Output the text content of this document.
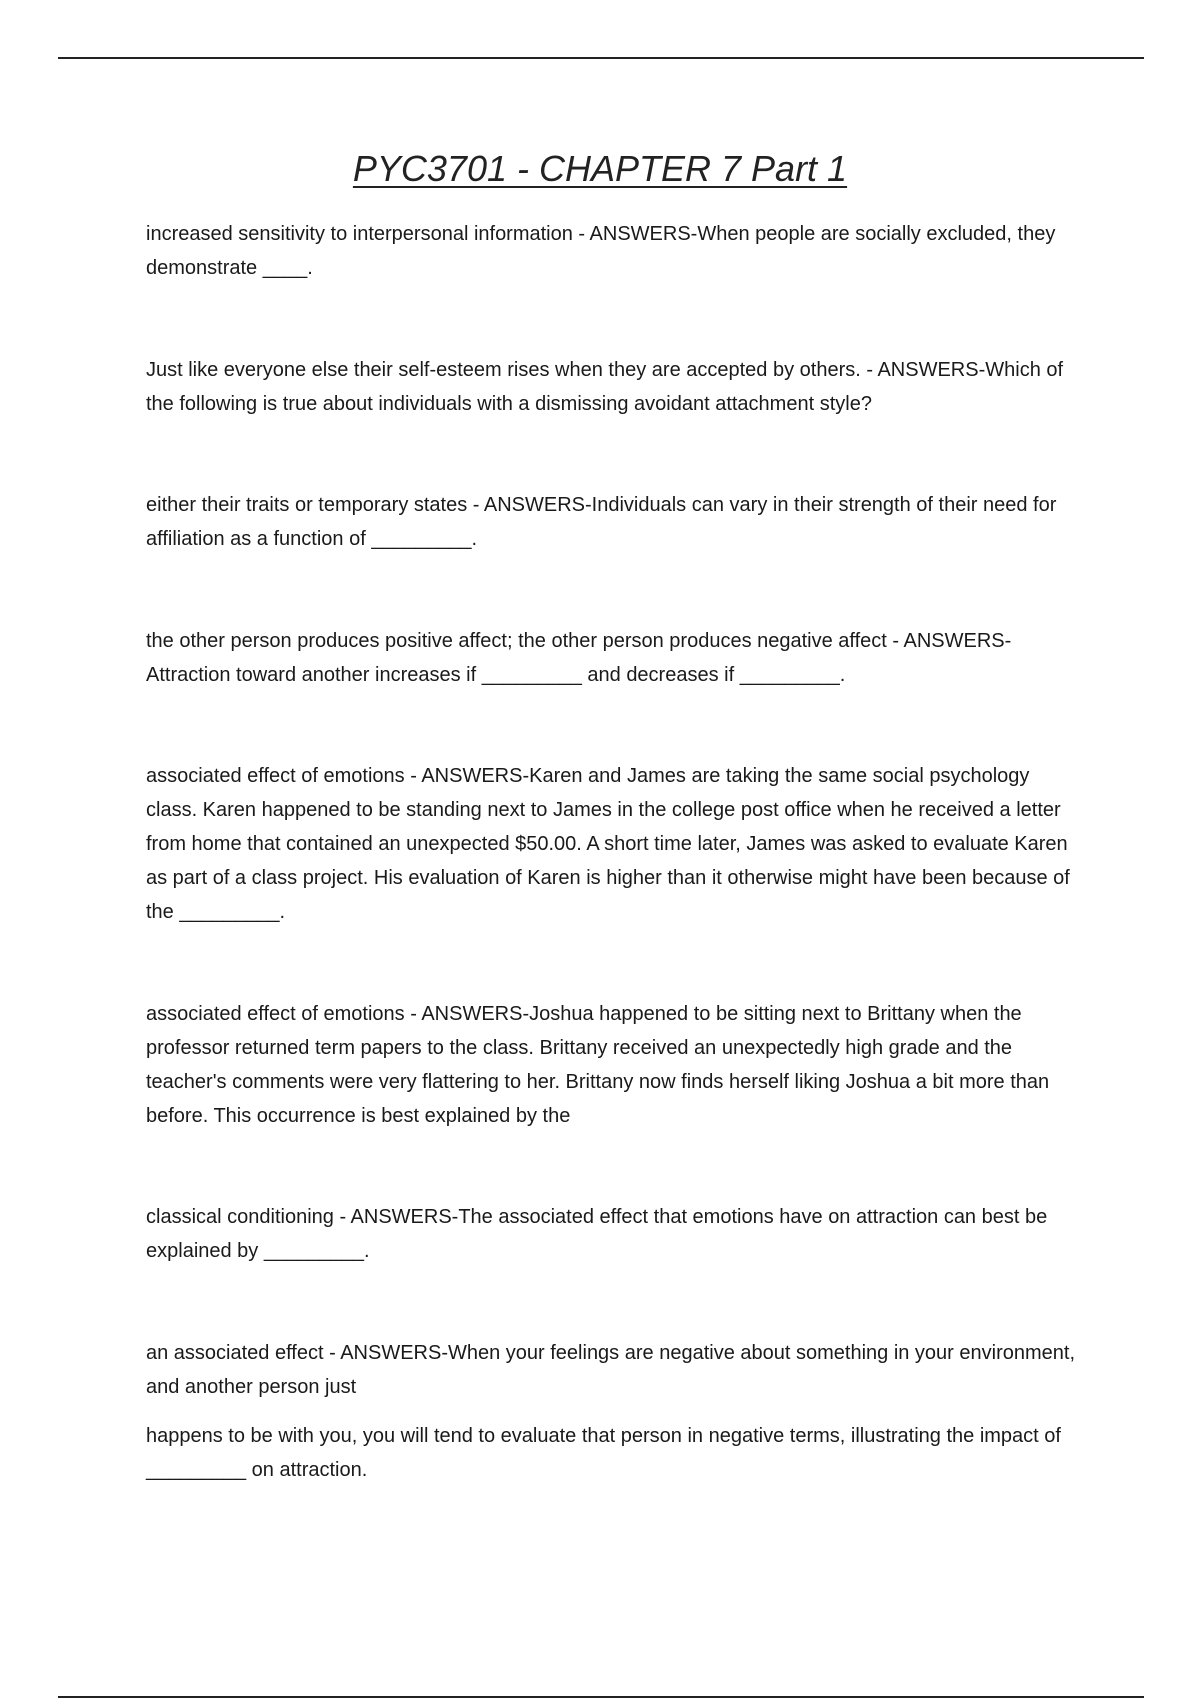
PYC3701 - CHAPTER 7 Part 1

increased sensitivity to interpersonal information - ANSWERS-When people are socially excluded, they demonstrate ____.

Just like everyone else their self-esteem rises when they are accepted by others. - ANSWERS-Which of the following is true about individuals with a dismissing avoidant attachment style?

either their traits or temporary states - ANSWERS-Individuals can vary in their strength of their need for affiliation as a function of _________.

the other person produces positive affect; the other person produces negative affect - ANSWERS-Attraction toward another increases if _________ and decreases if _________.

associated effect of emotions - ANSWERS-Karen and James are taking the same social psychology class. Karen happened to be standing next to James in the college post office when he received a letter from home that contained an unexpected $50.00. A short time later, James was asked to evaluate Karen as part of a class project. His evaluation of Karen is higher than it otherwise might have been because of the _________.

associated effect of emotions - ANSWERS-Joshua happened to be sitting next to Brittany when the professor returned term papers to the class. Brittany received an unexpectedly high grade and the teacher's comments were very flattering to her. Brittany now finds herself liking Joshua a bit more than before. This occurrence is best explained by the

classical conditioning - ANSWERS-The associated effect that emotions have on attraction can best be explained by _________.

an associated effect - ANSWERS-When your feelings are negative about something in your environment, and another person just

happens to be with you, you will tend to evaluate that person in negative terms, illustrating the impact of _________ on attraction.
